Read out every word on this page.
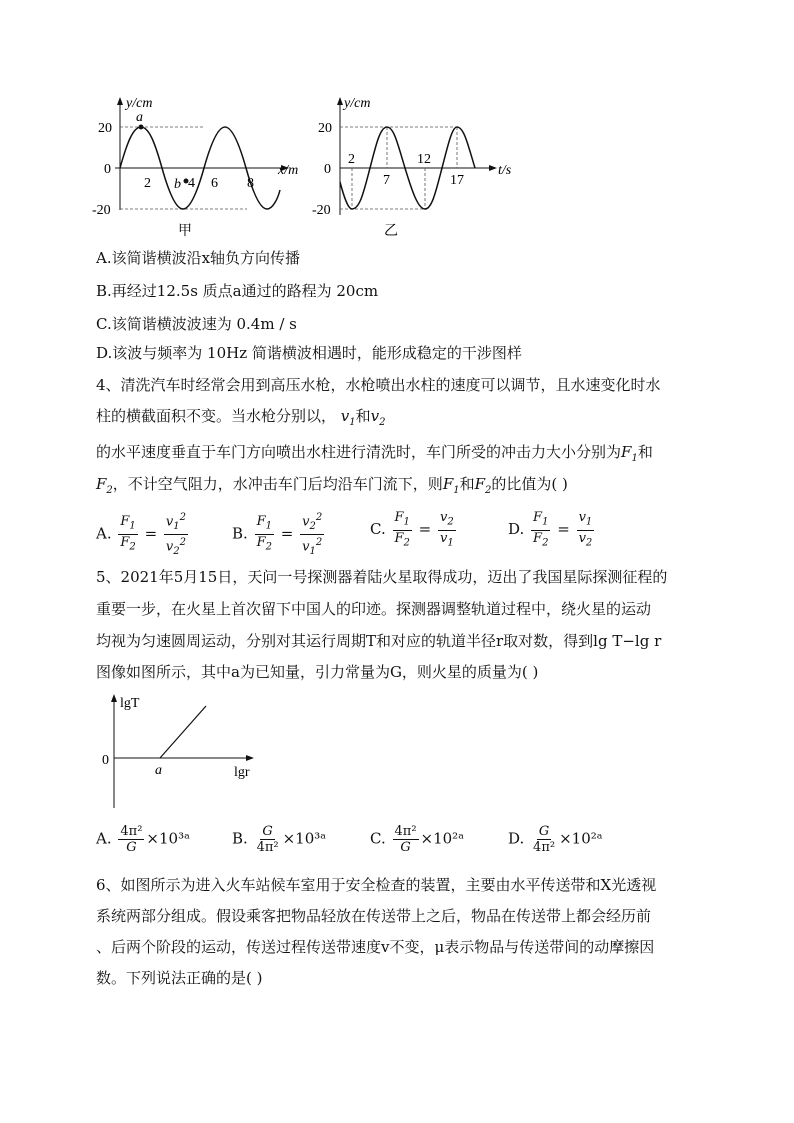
y/cm
x/m
20
0
-20
2	4 6 8
a
b
甲
y/cm
t/s
20
0
-20
2
7
12
17
乙
A.该简谐横波沿x轴负方向传播
B.再经过12.5s 质点a通过的路程为 20cm
C.该简谐横波波速为 0.4m / s
D.该波与频率为 10Hz 简谐横波相遇时，能形成稳定的干涉图样
4、清洗汽车时经常会用到高压水枪，水枪喷出水柱的速度可以调节，且水速变化时水
柱的横截面积不变。当水枪分别以， $v_1$和$v_2$
的水平速度垂直于车门方向喷出水柱进行清洗时，车门所受的冲击力大小分别为$F_1$和
$F_2$，不计空气阻力，水冲击车门后均沿车门流下，则$F_1$和$F_2$的比值为( )
A. $\frac{F_1}{F_2} = \frac{v_1^2}{v_2^2}$	B. $\frac{F_1}{F_2} = \frac{v_2^2}{v_1^2}$	C. $\frac{F_1}{F_2} = \frac{v_2}{v_1}$	D. $\frac{F_1}{F_2} = \frac{v_1}{v_2}$
5、2021年5月15日，天问一号探测器着陆火星取得成功，迈出了我国星际探测征程的
重要一步，在火星上首次留下中国人的印迹。探测器调整轨道过程中，绕火星的运动
均视为匀速圆周运动，分别对其运行周期T和对应的轨道半径r取对数，得到lg T−lg r
图像如图所示，其中a为已知量，引力常量为G，则火星的质量为( )
lgT
0
a	lgr
A. $\frac{\text{4π²}}{G}$ ×10³ᵃ	B. $\frac{G}{\text{4π²}}$ ×10³ᵃ	C. $\frac{\text{4π²}}{G}$ ×10²ᵃ	D. $\frac{G}{\text{4π²}}$ ×10²ᵃ
6、如图所示为进入火车站候车室用于安全检查的装置，主要由水平传送带和X光透视
系统两部分组成。假设乘客把物品轻放在传送带上之后，物品在传送带上都会经历前
、后两个阶段的运动，传送过程传送带速度v不变，μ表示物品与传送带间的动摩擦因
数。下列说法正确的是( )
